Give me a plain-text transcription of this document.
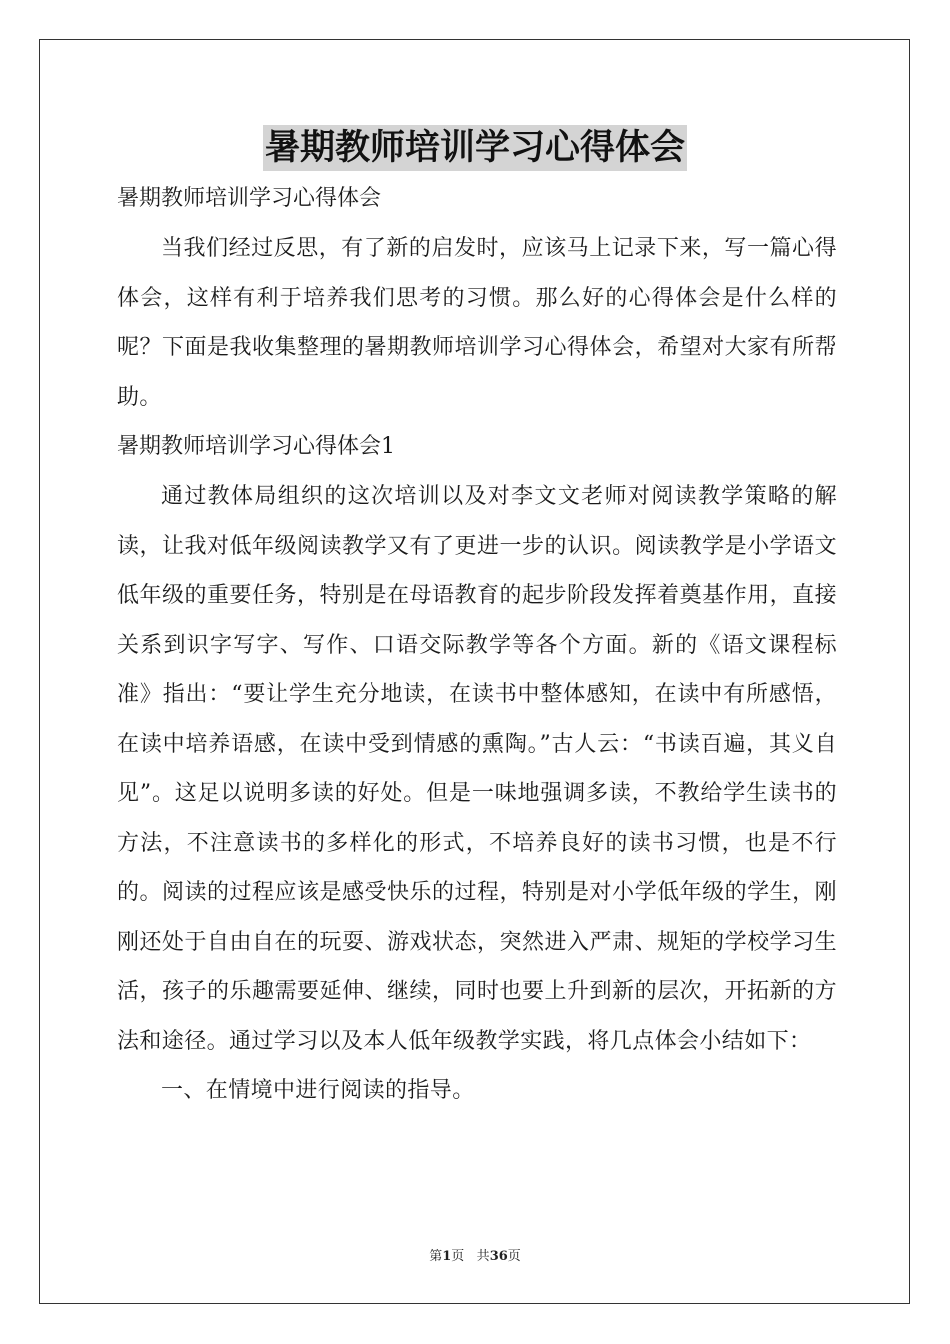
暑期教师培训学习心得体会

暑期教师培训学习心得体会

当我们经过反思，有了新的启发时，应该马上记录下来，写一篇心得体会，这样有利于培养我们思考的习惯。那么好的心得体会是什么样的呢？下面是我收集整理的暑期教师培训学习心得体会，希望对大家有所帮助。

暑期教师培训学习心得体会1

通过教体局组织的这次培训以及对李文文老师对阅读教学策略的解读，让我对低年级阅读教学又有了更进一步的认识。阅读教学是小学语文低年级的重要任务，特别是在母语教育的起步阶段发挥着奠基作用，直接关系到识字写字、写作、口语交际教学等各个方面。新的《语文课程标准》指出：“要让学生充分地读，在读书中整体感知，在读中有所感悟，在读中培养语感，在读中受到情感的熏陶。”古人云：“书读百遍，其义自见”。这足以说明多读的好处。但是一味地强调多读，不教给学生读书的方法，不注意读书的多样化的形式，不培养良好的读书习惯，也是不行的。阅读的过程应该是感受快乐的过程，特别是对小学低年级的学生，刚刚还处于自由自在的玩耍、游戏状态，突然进入严肃、规矩的学校学习生活，孩子的乐趣需要延伸、继续，同时也要上升到新的层次，开拓新的方法和途径。通过学习以及本人低年级教学实践，将几点体会小结如下：

一、在情境中进行阅读的指导。

第1页 共36页
